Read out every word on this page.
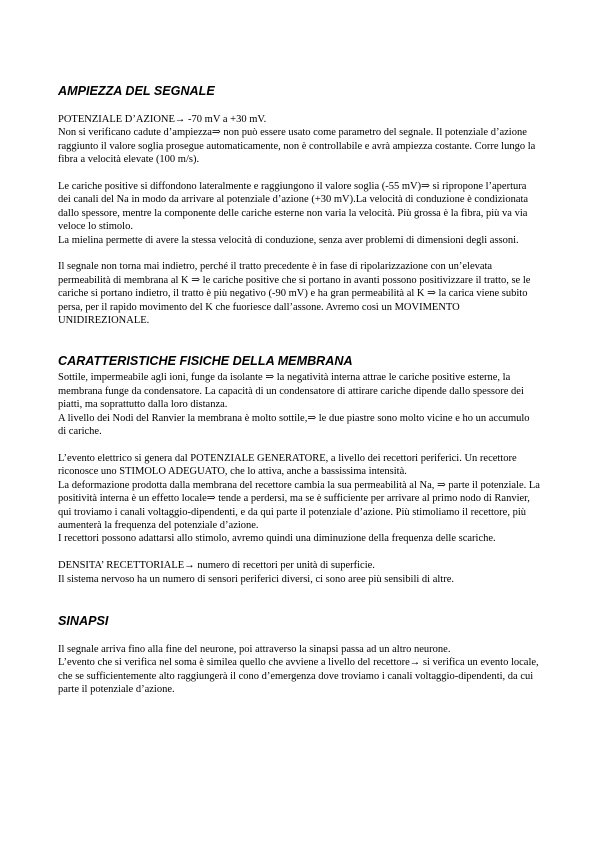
AMPIEZZA DEL SEGNALE

POTENZIALE D’AZIONE→ -70 mV a +30 mV.
Non si verificano cadute d’ampiezza⇒ non può essere usato come parametro del segnale. Il potenziale d’azione raggiunto il valore soglia prosegue automaticamente, non è controllabile e avrà ampiezza costante. Corre lungo la fibra a velocità elevate (100 m/s).

Le cariche positive si diffondono lateralmente e raggiungono il valore soglia (-55 mV)⇒ si ripropone l’apertura dei canali del Na in modo da arrivare al potenziale d’azione (+30 mV).La velocità di conduzione è condizionata dallo spessore, mentre la componente delle cariche esterne non varia la velocità. Più grossa è la fibra, più va via veloce lo stimolo.
La mielina permette di avere la stessa velocità di conduzione, senza aver problemi di dimensioni degli assoni.

Il segnale non torna mai indietro, perché il tratto precedente è in fase di ripolarizzazione con un’elevata permeabilità di membrana al K ⇒ le cariche positive che si portano in avanti possono positivizzare il tratto, se le cariche si portano indietro, il tratto è più negativo (-90 mV) e ha gran permeabilità al K ⇒ la carica viene subito persa, per il rapido movimento del K che fuoriesce dall’assone. Avremo così un MOVIMENTO UNIDIREZIONALE.

CARATTERISTICHE FISICHE DELLA MEMBRANA

Sottile, impermeabile agli ioni, funge da isolante ⇒ la negatività interna attrae le cariche positive esterne, la membrana funge da condensatore. La capacità di un condensatore di attirare cariche dipende dallo spessore dei piatti, ma soprattutto dalla loro distanza.
A livello dei Nodi del Ranvier la membrana è molto sottile,⇒ le due piastre sono molto vicine e ho un accumulo di cariche.

L’evento elettrico si genera dal POTENZIALE GENERATORE, a livello dei recettori periferici. Un recettore riconosce uno STIMOLO ADEGUATO, che lo attiva, anche a bassissima intensità.
La deformazione prodotta dalla membrana del recettore cambia la sua permeabilità al Na, ⇒ parte il potenziale. La positività interna è un effetto locale⇒ tende a perdersi, ma se è sufficiente per arrivare al primo nodo di Ranvier, qui troviamo i canali voltaggio-dipendenti, e da qui parte il potenziale d’azione. Più stimoliamo il recettore, più aumenterà la frequenza del potenziale d’azione.
I recettori possono adattarsi allo stimolo, avremo quindi una diminuzione della frequenza delle scariche.

DENSITA’ RECETTORIALE→ numero di recettori per unità di superficie.
Il sistema nervoso ha un numero di sensori periferici diversi, ci sono aree più sensibili di altre.

SINAPSI

Il segnale arriva fino alla fine del neurone, poi attraverso la sinapsi passa ad un altro neurone.
L’evento che si verifica nel soma è similea quello che avviene a livello del recettore→ si verifica un evento locale, che se sufficientemente alto raggiungerà il cono d’emergenza dove troviamo i canali voltaggio-dipendenti, da cui parte il potenziale d’azione.
